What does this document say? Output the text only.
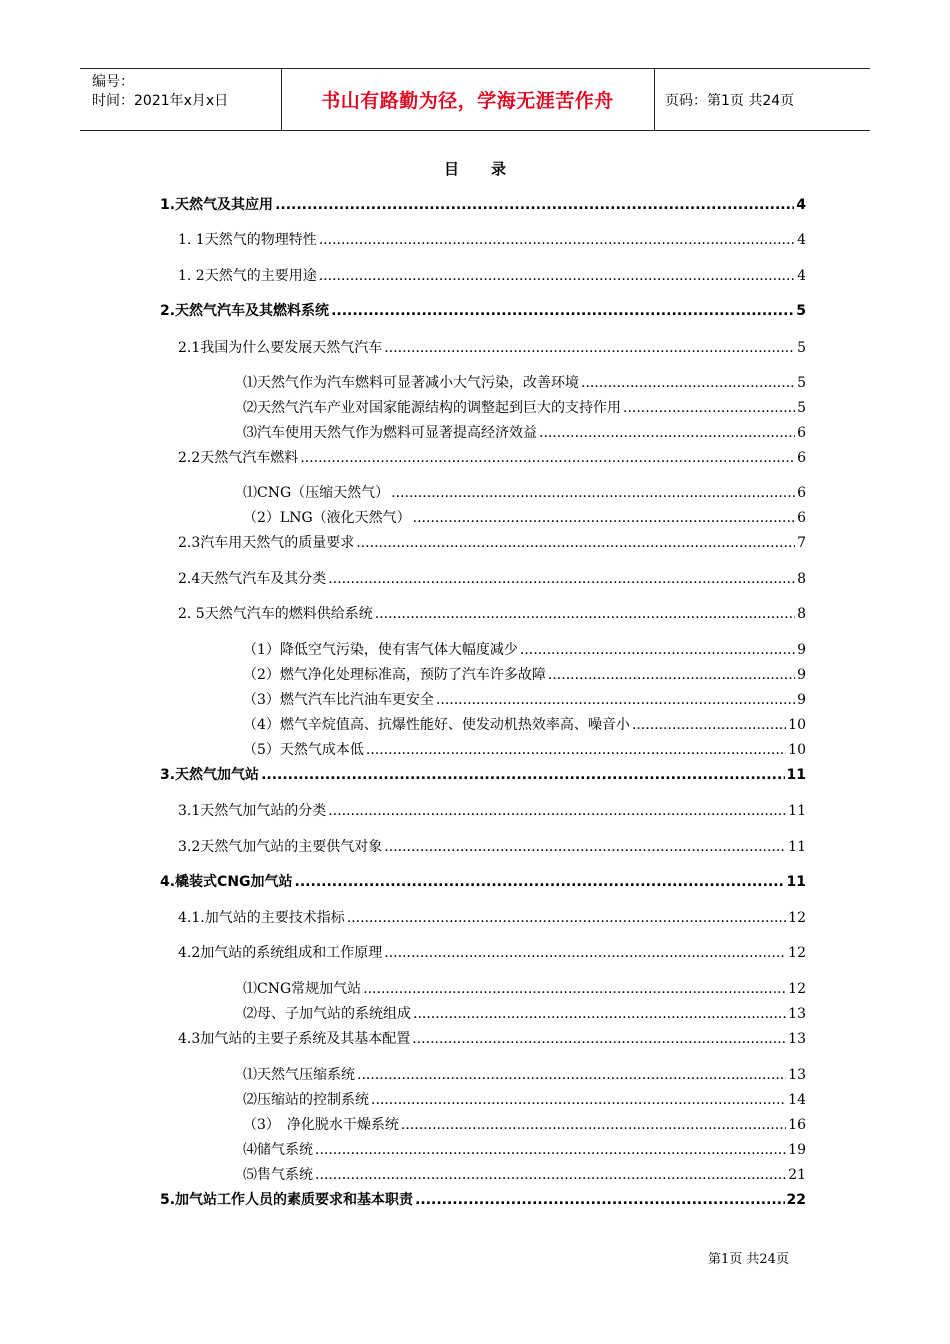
编号：
时间：2021年x月x日	书山有路勤为径，学海无涯苦作舟	页码：第1页 共24页
目 录
1.天然气及其应用 .....	4
1. 1天然气的物理特性 .....	4
1. 2天然气的主要用途 .....	4
2.天然气汽车及其燃料系统 .....	5
2.1我国为什么要发展天然气汽车 .....	5
⑴天然气作为汽车燃料可显著减小大气污染，改善环境 .....	5
⑵天然气汽车产业对国家能源结构的调整起到巨大的支持作用 .....	5
⑶汽车使用天然气作为燃料可显著提高经济效益 .....	6
2.2天然气汽车燃料 .....	6
⑴CNG（压缩天然气） .....	6
（2）LNG（液化天然气） .....	6
2.3汽车用天然气的质量要求 .....	7
2.4天然气汽车及其分类 .....	8
2. 5天然气汽车的燃料供给系统 .....	8
（1）降低空气污染，使有害气体大幅度减少 .....	9
（2）燃气净化处理标准高，预防了汽车许多故障 .....	9
（3）燃气汽车比汽油车更安全 .....	9
（4）燃气辛烷值高、抗爆性能好、使发动机热效率高、噪音小 .....	10
（5）天然气成本低 .....	10
3.天然气加气站 .....	11
3.1天然气加气站的分类 .....	11
3.2天然气加气站的主要供气对象 .....	11
4.橇装式CNG加气站 .....	11
4.1.加气站的主要技术指标 .....	12
4.2加气站的系统组成和工作原理 .....	12
⑴CNG常规加气站 .....	12
⑵母、子加气站的系统组成 .....	13
4.3加气站的主要子系统及其基本配置 .....	13
⑴天然气压缩系统 .....	13
⑵压缩站的控制系统 .....	14
（3）　净化脱水干燥系统 .....	16
⑷储气系统 .....	19
⑸售气系统 .....	21
5.加气站工作人员的素质要求和基本职责 .....	22
第1页 共24页
